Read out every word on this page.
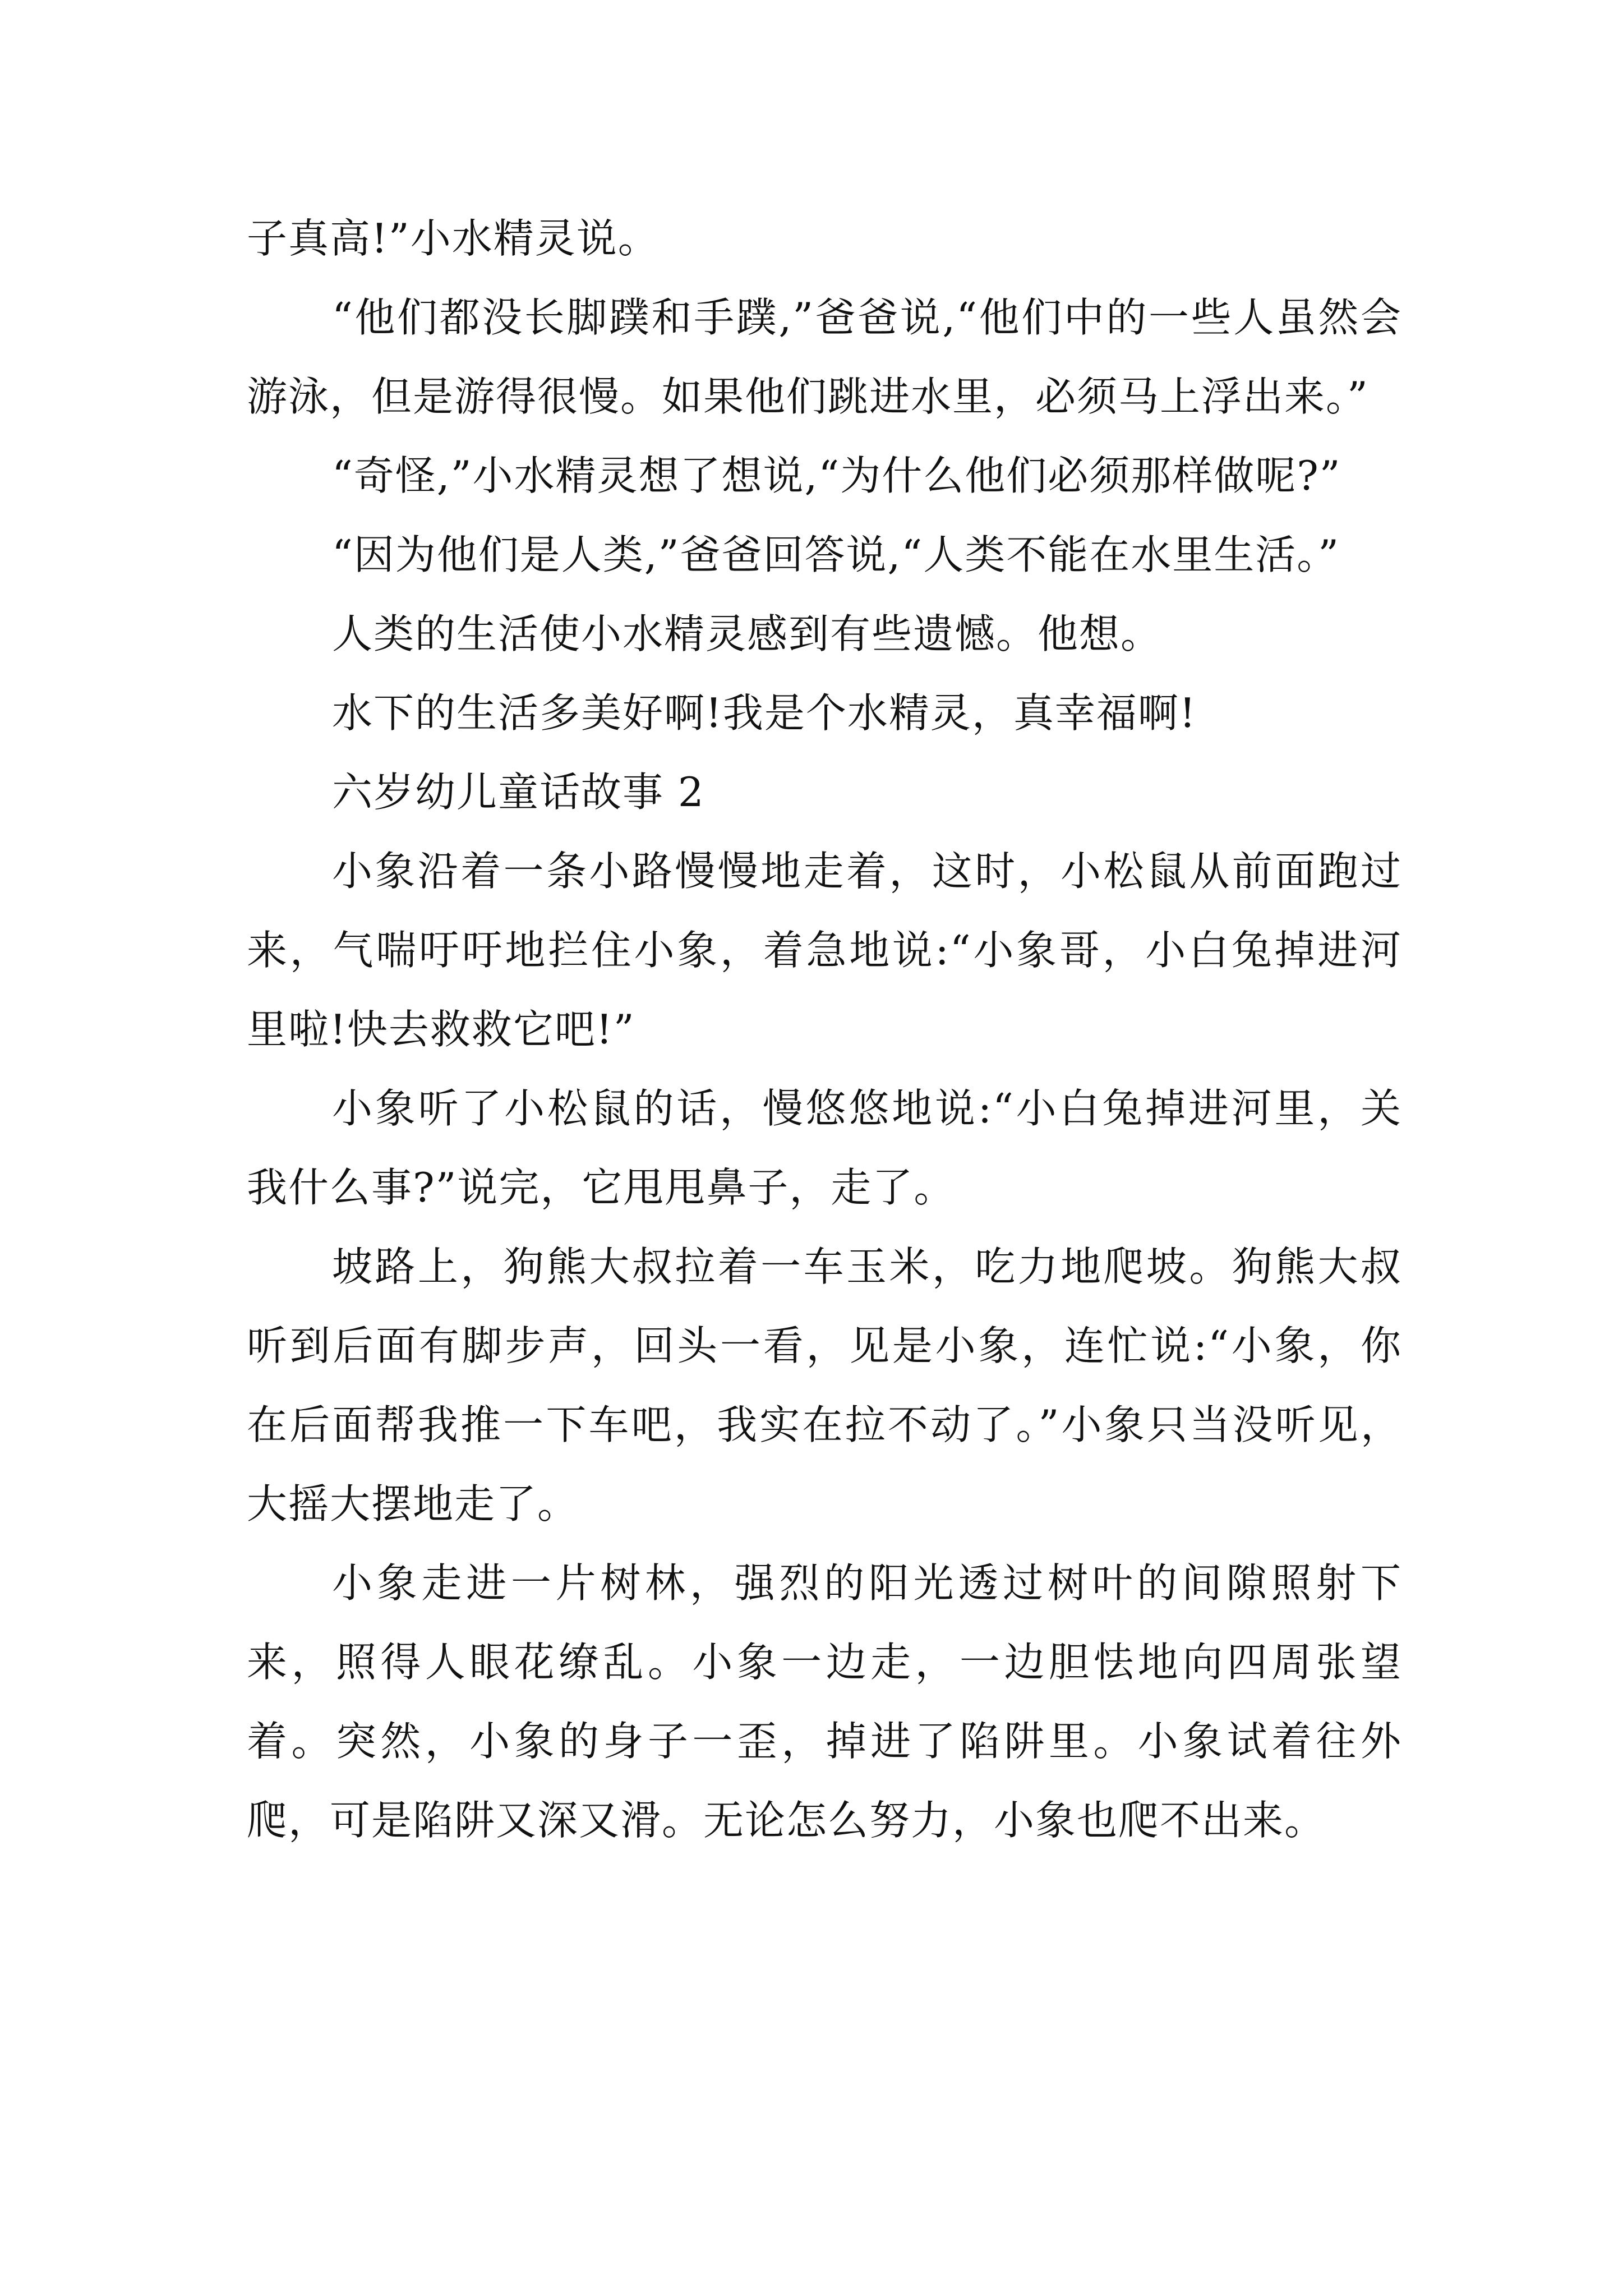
子真高!”小水精灵说。

“他们都没长脚蹼和手蹼,”爸爸说,“他们中的一些人虽然会游泳，但是游得很慢。如果他们跳进水里，必须马上浮出来。”

“奇怪,”小水精灵想了想说,“为什么他们必须那样做呢?”

“因为他们是人类,”爸爸回答说,“人类不能在水里生活。”

人类的生活使小水精灵感到有些遗憾。他想。

水下的生活多美好啊!我是个水精灵，真幸福啊!

六岁幼儿童话故事 2

小象沿着一条小路慢慢地走着，这时，小松鼠从前面跑过来，气喘吁吁地拦住小象，着急地说:“小象哥，小白兔掉进河里啦!快去救救它吧!”

小象听了小松鼠的话，慢悠悠地说:“小白兔掉进河里，关我什么事?”说完，它甩甩鼻子，走了。

坡路上，狗熊大叔拉着一车玉米，吃力地爬坡。狗熊大叔听到后面有脚步声，回头一看，见是小象，连忙说:“小象，你在后面帮我推一下车吧，我实在拉不动了。”小象只当没听见，大摇大摆地走了。

小象走进一片树林，强烈的阳光透过树叶的间隙照射下来，照得人眼花缭乱。小象一边走，一边胆怯地向四周张望着。突然，小象的身子一歪，掉进了陷阱里。小象试着往外爬，可是陷阱又深又滑。无论怎么努力，小象也爬不出来。
